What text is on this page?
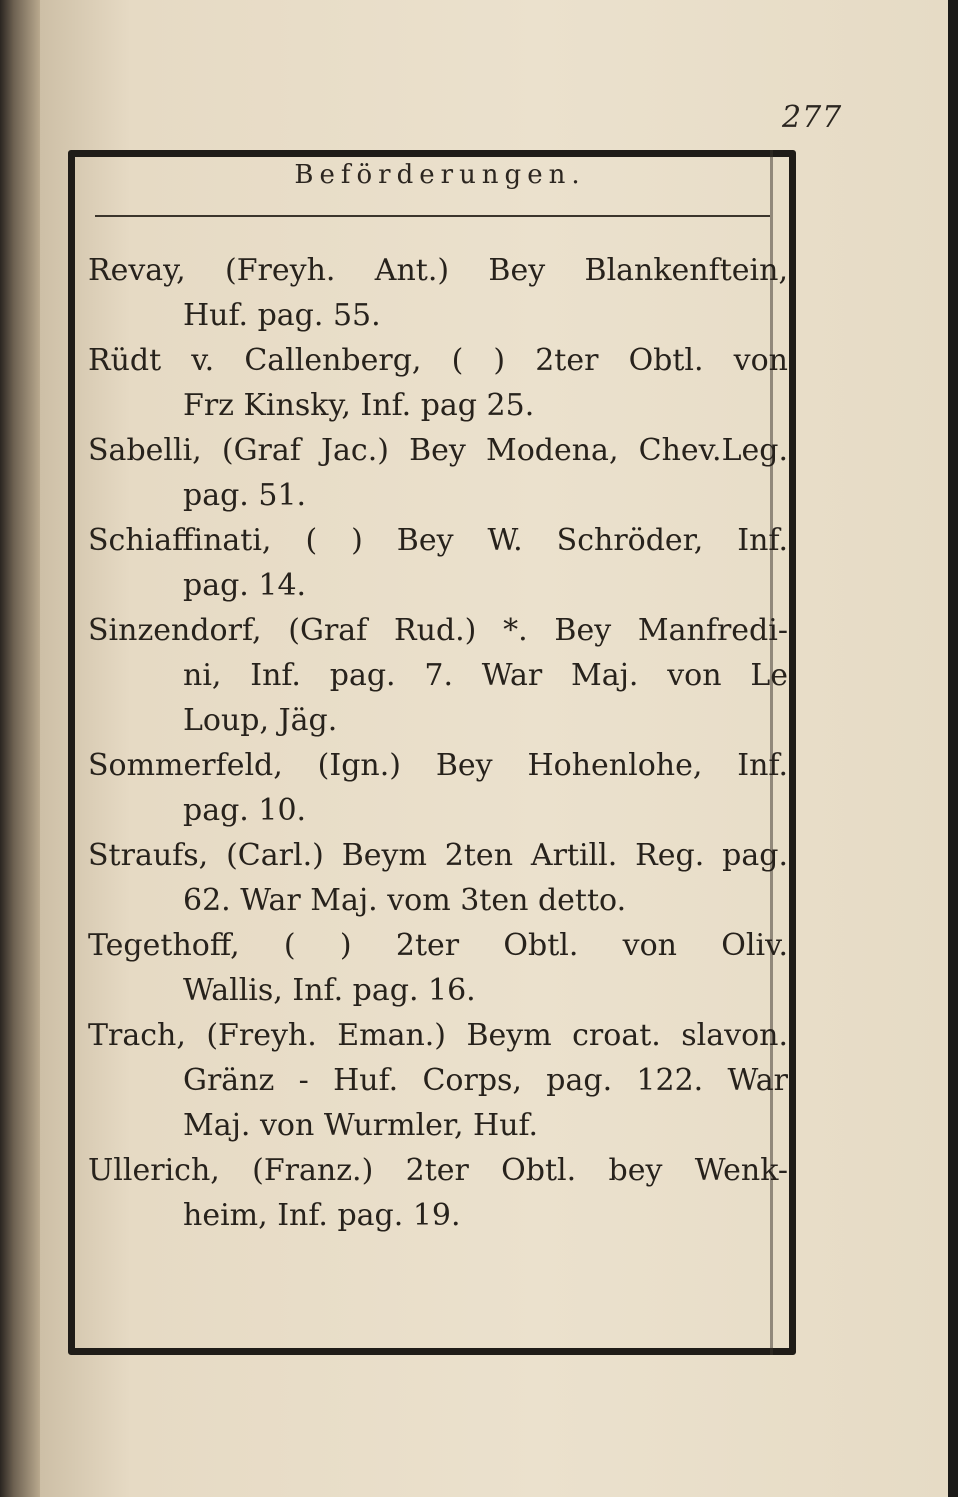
277
Beförderungen.
Revay, (Freyh. Ant.) Bey Blankenftein,
Huf. pag. 55.
Rüdt v. Callenberg, ( ) 2ter Obtl. von
Frz Kinsky, Inf. pag 25.
Sabelli, (Graf Jac.) Bey Modena, Chev.Leg.
pag. 51.
Schiaffinati, ( ) Bey W. Schröder, Inf.
pag. 14.
Sinzendorf, (Graf Rud.) *. Bey Manfredi-
ni, Inf. pag. 7. War Maj. von Le
Loup, Jäg.
Sommerfeld, (Ign.) Bey Hohenlohe, Inf.
pag. 10.
Straufs, (Carl.) Beym 2ten Artill. Reg. pag.
62. War Maj. vom 3ten detto.
Tegethoff, ( ) 2ter Obtl. von Oliv.
Wallis, Inf. pag. 16.
Trach, (Freyh. Eman.) Beym croat. slavon.
Gränz - Huf. Corps, pag. 122. War
Maj. von Wurmler, Huf.
Ullerich, (Franz.) 2ter Obtl. bey Wenk-
heim, Inf. pag. 19.
